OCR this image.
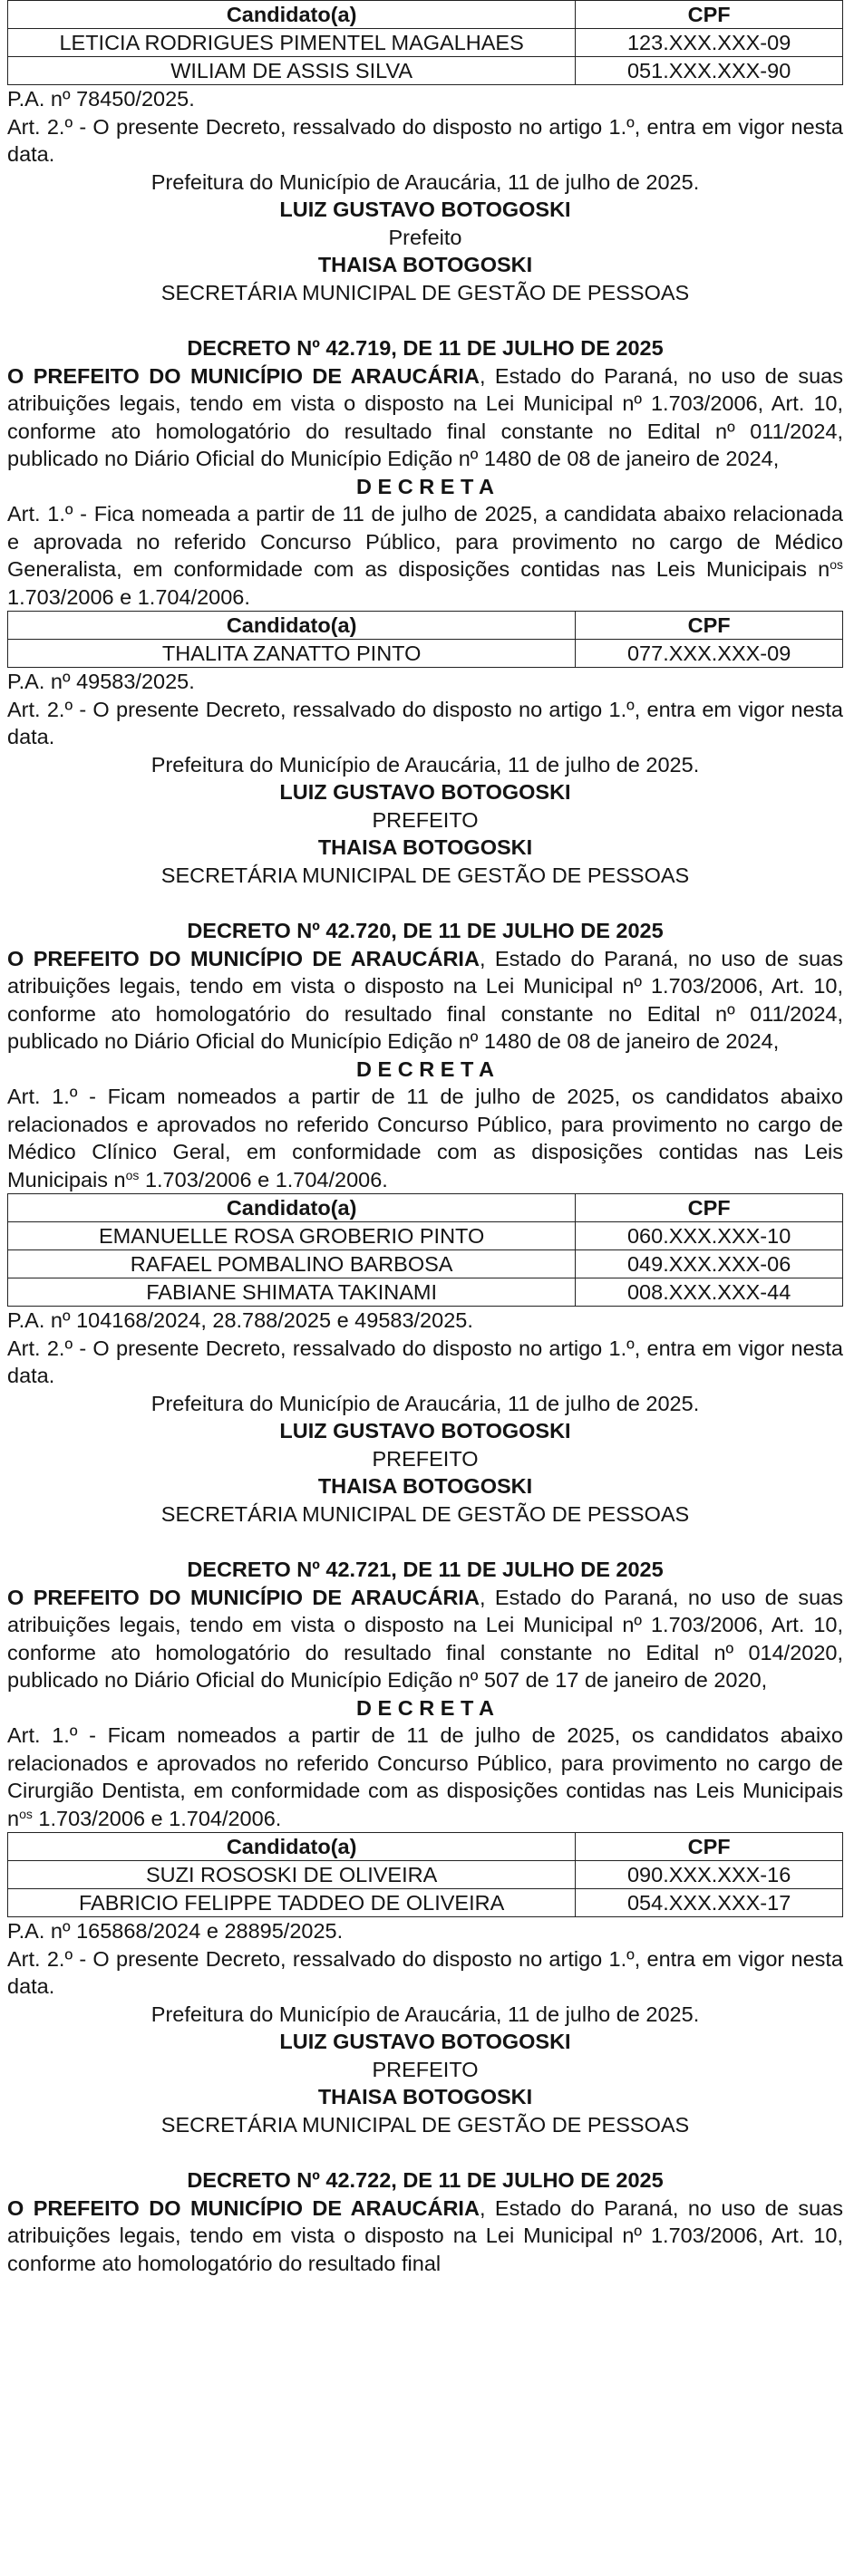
Candidato(a)	CPF
LETICIA RODRIGUES PIMENTEL MAGALHAES	123.XXX.XXX-09
WILIAM DE ASSIS SILVA	051.XXX.XXX-90

P.A. nº 78450/2025.

Art. 2.º - O presente Decreto, ressalvado do disposto no artigo 1.º, entra em vigor nesta data.

Prefeitura do Município de Araucária, 11 de julho de 2025.

LUIZ GUSTAVO BOTOGOSKI

Prefeito

THAISA BOTOGOSKI

SECRETÁRIA MUNICIPAL DE GESTÃO DE PESSOAS

DECRETO Nº 42.719, DE 11 DE JULHO DE 2025

O PREFEITO DO MUNICÍPIO DE ARAUCÁRIA, Estado do Paraná, no uso de suas atribuições legais, tendo em vista o disposto na Lei Municipal nº 1.703/2006, Art. 10, conforme ato homologatório do resultado final constante no Edital nº 011/2024, publicado no Diário Oficial do Município Edição nº 1480 de 08 de janeiro de 2024,

D E C R E T A

Art. 1.º - Fica nomeada a partir de 11 de julho de 2025, a candidata abaixo relacionada e aprovada no referido Concurso Público, para provimento no cargo de Médico Generalista, em conformidade com as disposições contidas nas Leis Municipais $n^{os}$ 1.703/2006 e 1.704/2006.

Candidato(a)	CPF
THALITA ZANATTO PINTO	077.XXX.XXX-09

P.A. nº 49583/2025.

Art. 2.º - O presente Decreto, ressalvado do disposto no artigo 1.º, entra em vigor nesta data.

Prefeitura do Município de Araucária, 11 de julho de 2025.

LUIZ GUSTAVO BOTOGOSKI

PREFEITO

THAISA BOTOGOSKI

SECRETÁRIA MUNICIPAL DE GESTÃO DE PESSOAS

DECRETO Nº 42.720, DE 11 DE JULHO DE 2025

O PREFEITO DO MUNICÍPIO DE ARAUCÁRIA, Estado do Paraná, no uso de suas atribuições legais, tendo em vista o disposto na Lei Municipal nº 1.703/2006, Art. 10, conforme ato homologatório do resultado final constante no Edital nº 011/2024, publicado no Diário Oficial do Município Edição nº 1480 de 08 de janeiro de 2024,

D E C R E T A

Art. 1.º - Ficam nomeados a partir de 11 de julho de 2025, os candidatos abaixo relacionados e aprovados no referido Concurso Público, para provimento no cargo de Médico Clínico Geral, em conformidade com as disposições contidas nas Leis Municipais $n^{os}$ 1.703/2006 e 1.704/2006.

Candidato(a)	CPF
EMANUELLE ROSA GROBERIO PINTO	060.XXX.XXX-10
RAFAEL POMBALINO BARBOSA	049.XXX.XXX-06
FABIANE SHIMATA TAKINAMI	008.XXX.XXX-44

P.A. nº 104168/2024, 28.788/2025 e 49583/2025.

Art. 2.º - O presente Decreto, ressalvado do disposto no artigo 1.º, entra em vigor nesta data.

Prefeitura do Município de Araucária, 11 de julho de 2025.

LUIZ GUSTAVO BOTOGOSKI

PREFEITO

THAISA BOTOGOSKI

SECRETÁRIA MUNICIPAL DE GESTÃO DE PESSOAS

DECRETO Nº 42.721, DE 11 DE JULHO DE 2025

O PREFEITO DO MUNICÍPIO DE ARAUCÁRIA, Estado do Paraná, no uso de suas atribuições legais, tendo em vista o disposto na Lei Municipal nº 1.703/2006, Art. 10, conforme ato homologatório do resultado final constante no Edital nº 014/2020, publicado no Diário Oficial do Município Edição nº 507 de 17 de janeiro de 2020,

D E C R E T A

Art. 1.º - Ficam nomeados a partir de 11 de julho de 2025, os candidatos abaixo relacionados e aprovados no referido Concurso Público, para provimento no cargo de Cirurgião Dentista, em conformidade com as disposições contidas nas Leis Municipais $n^{os}$ 1.703/2006 e 1.704/2006.

Candidato(a)	CPF
SUZI ROSOSKI DE OLIVEIRA	090.XXX.XXX-16
FABRICIO FELIPPE TADDEO DE OLIVEIRA	054.XXX.XXX-17

P.A. nº 165868/2024 e 28895/2025.

Art. 2.º - O presente Decreto, ressalvado do disposto no artigo 1.º, entra em vigor nesta data.

Prefeitura do Município de Araucária, 11 de julho de 2025.

LUIZ GUSTAVO BOTOGOSKI

PREFEITO

THAISA BOTOGOSKI

SECRETÁRIA MUNICIPAL DE GESTÃO DE PESSOAS

DECRETO Nº 42.722, DE 11 DE JULHO DE 2025

O PREFEITO DO MUNICÍPIO DE ARAUCÁRIA, Estado do Paraná, no uso de suas atribuições legais, tendo em vista o disposto na Lei Municipal nº 1.703/2006, Art. 10, conforme ato homologatório do resultado final
